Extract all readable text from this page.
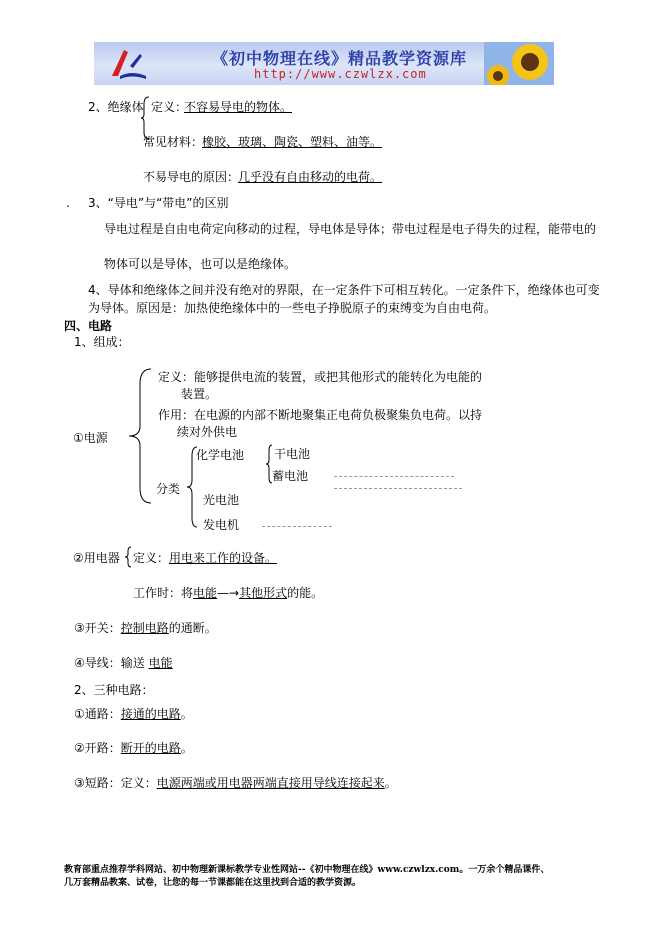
《初中物理在线》精品教学资源库
http://www.czwlzx.com
2、绝缘体 定义：
不容易导电的物体。
常见材料：
橡胶、玻璃、陶瓷、塑料、油等。
不易导电的原因：
几乎没有自由移动的电荷。
. 3、“导电”与“带电”的区别
导电过程是自由电荷定向移动的过程，导电体是导体；带电过程是电子得失的过程，能带电的
物体可以是导体，也可以是绝缘体。
4、导体和绝缘体之间并没有绝对的界限，在一定条件下可相互转化。一定条件下，绝缘体也可变
为导体。原因是：加热使绝缘体中的一些电子挣脱原子的束缚变为自由电荷。
四、电路
1、组成：
①电源
定义：能够提供电流的装置，或把其他形式的能转化为电能的
装置。
作用：在电源的内部不断地聚集正电荷负极聚集负电荷。以持
续对外供电
分类
化学电池 干电池
蓄电池
光电池
发电机
②用电器 定义： 用电来工作的设备。
工作时：将电能—→其他形式的能。
③开关：控制电路的通断。
④导线：输送 电能
2、三种电路：
①通路：接通的电路。
②开路：断开的电路。
③短路：定义：电源两端或用电器两端直接用导线连接起来。
教育部重点推荐学科网站、初中物理新课标教学专业性网站--《初中物理在线》www.czwlzx.com。一万余个精品课件、
几万套精品教案、试卷，让您的每一节课都能在这里找到合适的教学资源。
